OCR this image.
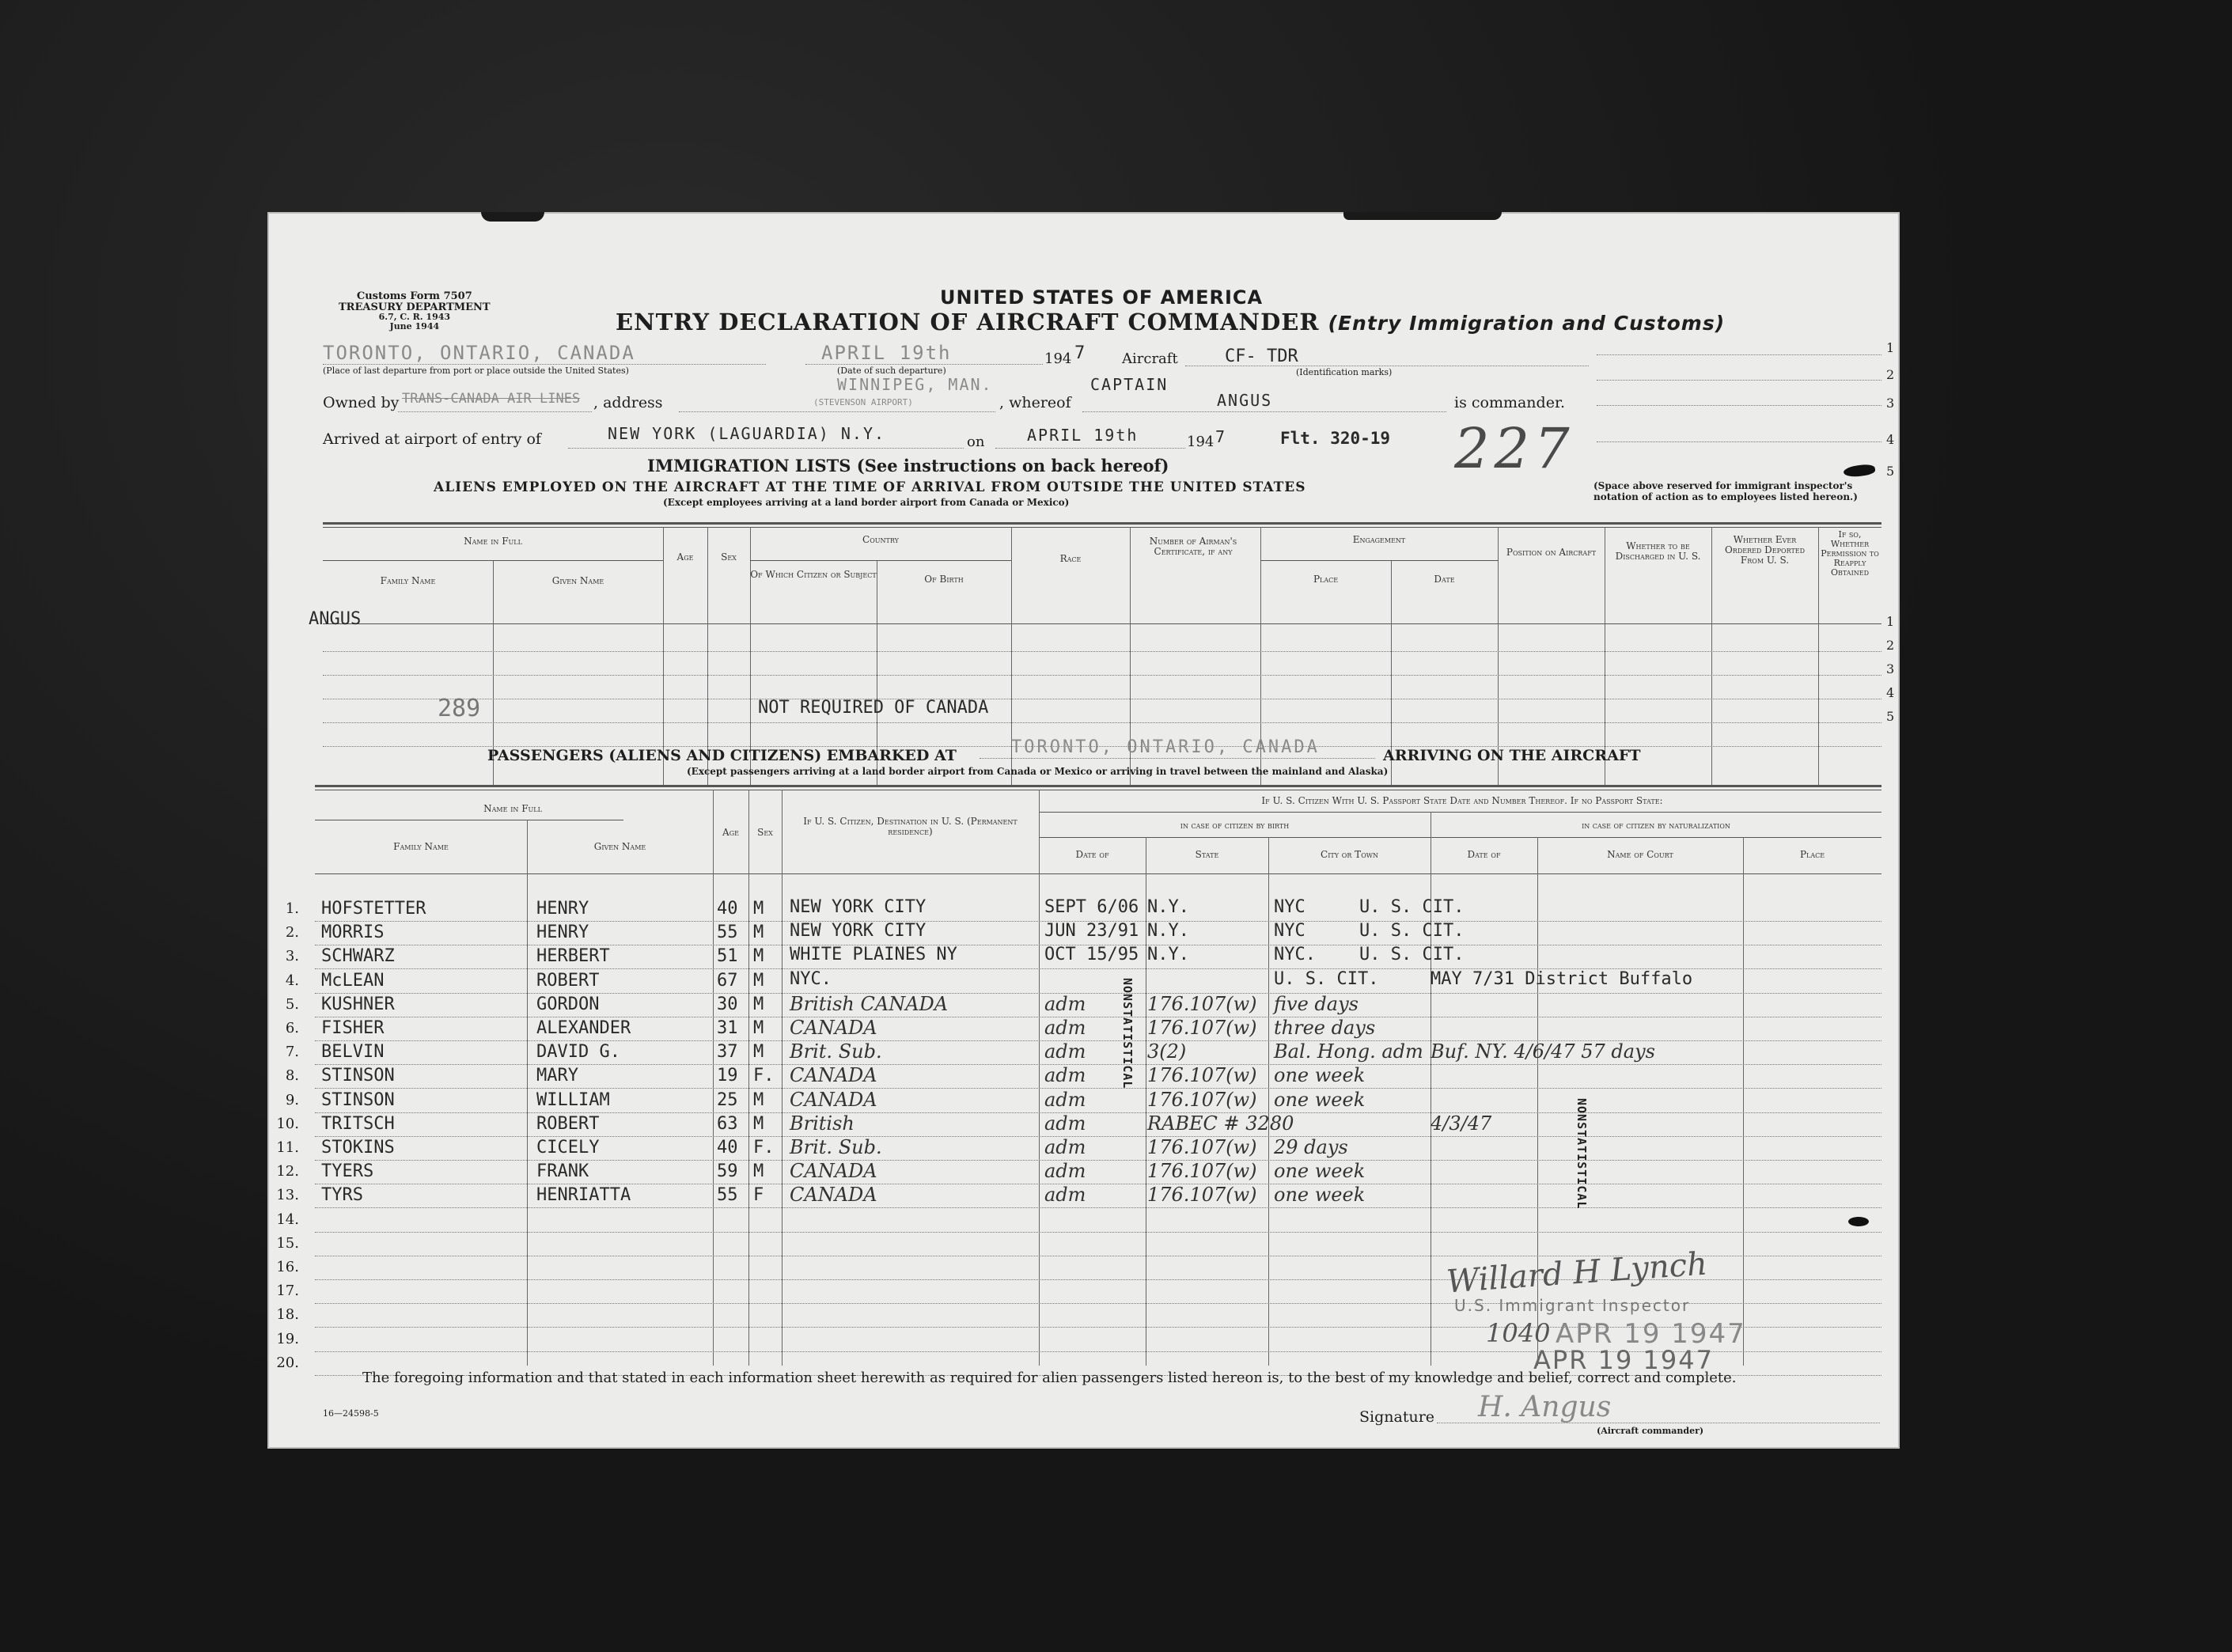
Customs Form 7507
TREASURY DEPARTMENT
6.7, C. R. 1943
June 1944
UNITED STATES OF AMERICA
ENTRY DECLARATION OF AIRCRAFT COMMANDER (Entry Immigration and Customs)
1
2
3
4
5
TORONTO, ONTARIO, CANADA
(Place of last departure from port or place outside the United States)
APRIL 19th
(Date of such departure)
194 7	Aircraft	CF- TDR
(Identification marks)
Owned by TRANS-CANADA AIR LINES , address
WINNIPEG, MAN.
(STEVENSON AIRPORT)	, whereof
CAPTAIN
ANGUS	is commander.
Arrived at airport of entry of	NEW YORK (LAGUARDIA) N.Y.	on	APRIL 19th	194 7	Flt. 320-19 227
IMMIGRATION LISTS (See instructions on back hereof)
ALIENS EMPLOYED ON THE AIRCRAFT AT THE TIME OF ARRIVAL FROM OUTSIDE THE UNITED STATES
(Except employees arriving at a land border airport from Canada or Mexico)
(Space above reserved for immigrant inspector's notation of action as to employees listed hereon.)
Name in Full
Family Name	Given Name
Age	Sex
Country
Of Which Citizen or Subject	Of Birth
Race
Number of Airman's Certificate, if any
Engagement
Place	Date
Position on Aircraft
Whether to be Discharged in U. S.
Whether Ever Ordered Deported From U. S.
If so, Whether Permission to Reapply Obtained
1
2
3
4
5
ANGUS
289	NOT REQUIRED OF CANADA
PASSENGERS (ALIENS AND CITIZENS) EMBARKED AT	TORONTO, ONTARIO, CANADA	ARRIVING ON THE AIRCRAFT
(Except passengers arriving at a land border airport from Canada or Mexico or arriving in travel between the mainland and Alaska)
Name in Full
Family Name	Given Name
Age	Sex
If U. S. Citizen, Destination in U. S. (Permanent residence)
If U. S. Citizen With U. S. Passport State Date and Number Thereof. If no Passport State:
in case of citizen by birth	in case of citizen by naturalization
Date of	State	City or Town	Date of	Name of Court	Place
1. HOFSTETTER	HENRY	40 M NEW YORK CITY	SEPT 6/06 N.Y.	NYC	U. S. CIT.
2. MORRIS	HENRY	55 M NEW YORK CITY	JUN 23/91 N.Y.	NYC	U. S. CIT.
3. SCHWARZ	HERBERT	51 M WHITE PLAINES NY	OCT 15/95 N.Y.	NYC.	U. S. CIT.
4. McLEAN	ROBERT	67 M NYC.	U. S. CIT.	MAY 7/31 District Buffalo
5. KUSHNER	GORDON	30 M British CANADA	adm	176.107(w) five days
6. FISHER	ALEXANDER	31 M CANADA	adm	176.107(w) three days
7. BELVIN	DAVID G.	37 M Brit. Sub.	adm	3(2)	Bal. Hong. adm Buf. NY. 4/6/47 57 days
8. STINSON	MARY	19 F. CANADA	adm	176.107(w) one week
9. STINSON	WILLIAM	25 M CANADA	adm	176.107(w) one week
10. TRITSCH	ROBERT	63 M British	adm	RABEC # 3280	4/3/47
11. STOKINS	CICELY	40 F. Brit. Sub.	adm	176.107(w) 29 days
12. TYERS	FRANK	59 M CANADA	adm	176.107(w) one week
13. TYRS	HENRIATTA	55 F CANADA	adm	176.107(w) one week
14.
15.
16.
17.
18.
19.
20.
NONSTATISTICAL
NONSTATISTICAL
Willard H Lynch
U.S. Immigrant Inspector
1040 APR 19 1947
APR 19 1947
The foregoing information and that stated in each information sheet herewith as required for alien passengers listed hereon is, to the best of my knowledge and belief, correct and complete.
16—24598-5	Signature H. Angus
(Aircraft commander)
